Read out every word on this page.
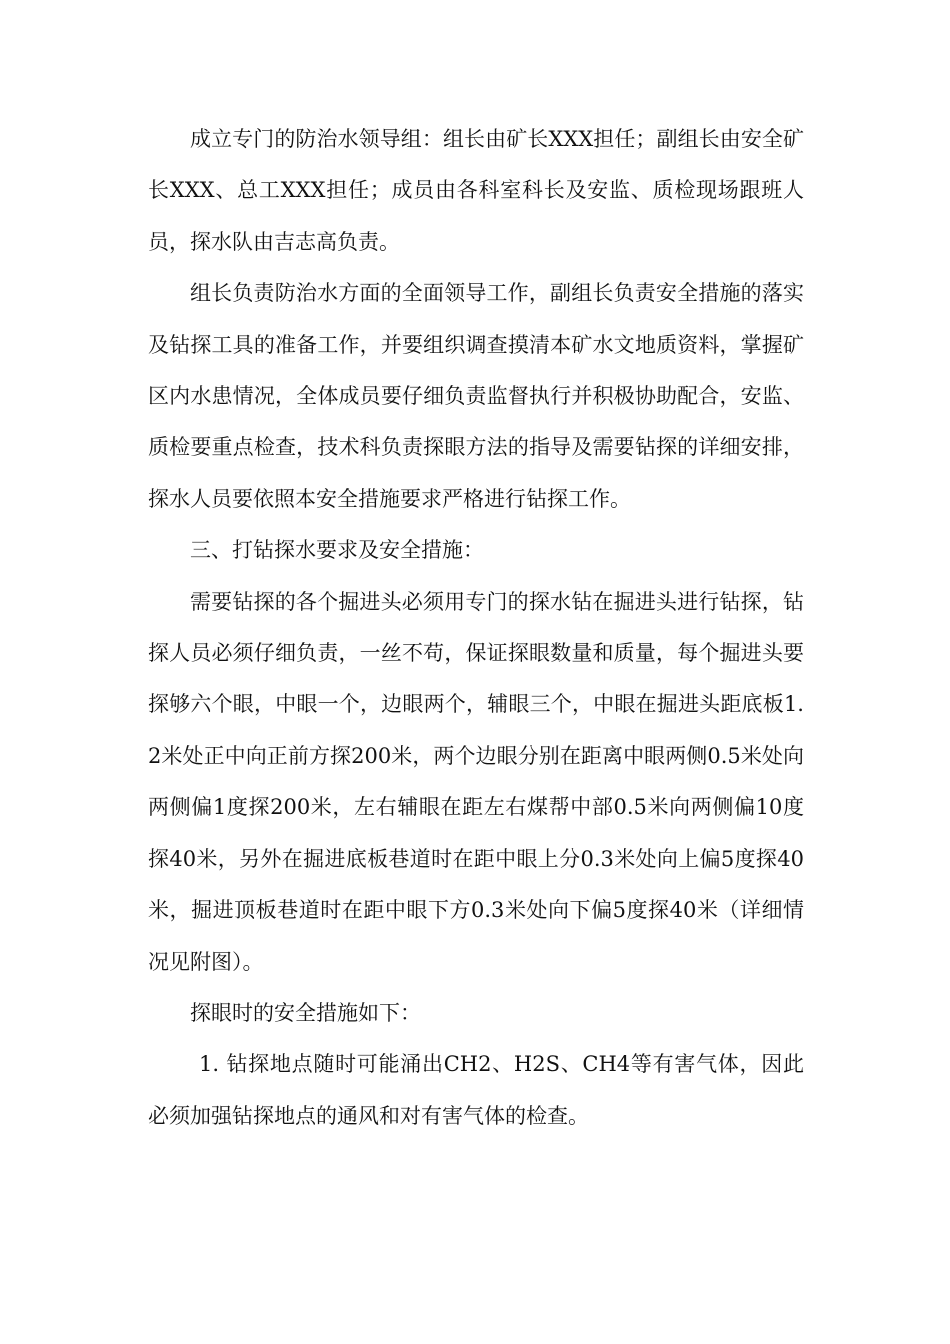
成立专门的防治水领导组：组长由矿长XXX担任；副组长由安全矿长XXX、总工XXX担任；成员由各科室科长及安监、质检现场跟班人员，探水队由吉志高负责。

组长负责防治水方面的全面领导工作，副组长负责安全措施的落实及钻探工具的准备工作，并要组织调查摸清本矿水文地质资料，掌握矿区内水患情况，全体成员要仔细负责监督执行并积极协助配合，安监、质检要重点检查，技术科负责探眼方法的指导及需要钻探的详细安排，探水人员要依照本安全措施要求严格进行钻探工作。

三、打钻探水要求及安全措施：

需要钻探的各个掘进头必须用专门的探水钻在掘进头进行钻探，钻探人员必须仔细负责，一丝不苟，保证探眼数量和质量，每个掘进头要探够六个眼，中眼一个，边眼两个，辅眼三个，中眼在掘进头距底板1.2米处正中向正前方探200米，两个边眼分别在距离中眼两侧0.5米处向两侧偏1度探200米，左右辅眼在距左右煤帮中部0.5米向两侧偏10度探40米，另外在掘进底板巷道时在距中眼上分0.3米处向上偏5度探40米，掘进顶板巷道时在距中眼下方0.3米处向下偏5度探40米（详细情况见附图）。

探眼时的安全措施如下：

1. 钻探地点随时可能涌出CH2、H2S、CH4等有害气体，因此必须加强钻探地点的通风和对有害气体的检查。
